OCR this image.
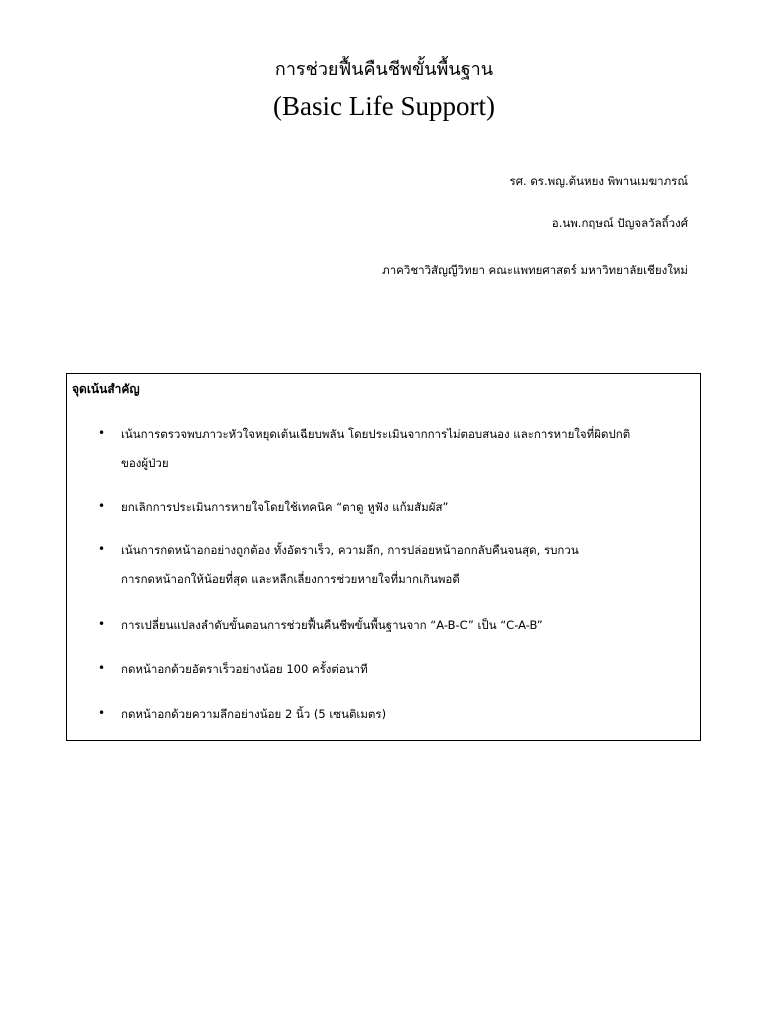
การช่วยฟื้นคืนชีพขั้นพื้นฐาน
(Basic Life Support)
รศ. ดร.พญ.ต้นหยง พิพานเมฆาภรณ์
อ.นพ.กฤษณ์ ปัญจลวัลถิ์วงศ์
ภาควิชาวิสัญญีวิทยา คณะแพทยศาสตร์ มหาวิทยาลัยเชียงใหม่
จุดเน้นสำคัญ
• เน้นการตรวจพบภาวะหัวใจหยุดเต้นเฉียบพลัน โดยประเมินจากการไม่ตอบสนอง และการหายใจที่ผิดปกติ
ของผู้ป่วย
• ยกเลิกการประเมินการหายใจโดยใช้เทคนิค “ตาดู หูฟัง แก้มสัมผัส”
• เน้นการกดหน้าอกอย่างถูกต้อง ทั้งอัตราเร็ว, ความลึก, การปล่อยหน้าอกกลับคืนจนสุด, รบกวน
การกดหน้าอกให้น้อยที่สุด และหลีกเลี่ยงการช่วยหายใจที่มากเกินพอดี
• การเปลี่ยนแปลงลำดับขั้นตอนการช่วยฟื้นคืนชีพขั้นพื้นฐานจาก “A-B-C” เป็น “C-A-B”
• กดหน้าอกด้วยอัตราเร็วอย่างน้อย 100 ครั้งต่อนาที
• กดหน้าอกด้วยความลึกอย่างน้อย 2 นิ้ว (5 เซนติเมตร)
